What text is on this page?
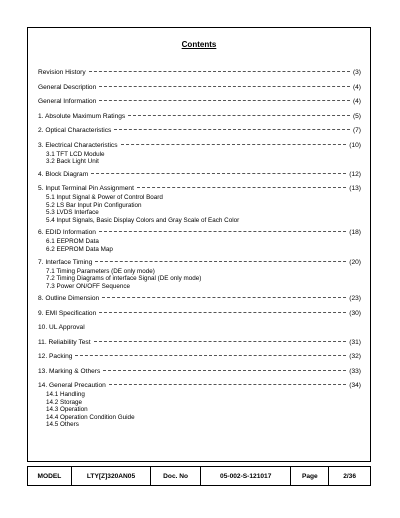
Contents
Revision History	(3)
General Description	(4)
General Information	(4)
1. Absolute Maximum Ratings	(5)
2. Optical Characteristics	(7)
3. Electrical Characteristics	(10)
3.1 TFT LCD Module
3.2 Back Light Unit
4. Block Diagram	(12)
5. Input Terminal Pin Assignment	(13)
5.1 Input Signal & Power of Control Board
5.2 LS Bar Input Pin Configuration
5.3 LVDS Interface
5.4 Input Signals, Basic Display Colors and Gray Scale of Each Color
6. EDID Information	(18)
6.1 EEPROM Data
6.2 EEPROM Data Map
7. Interface Timing	(20)
7.1 Timing Parameters (DE only mode)
7.2 Timing Diagrams of interface Signal (DE only mode)
7.3 Power ON/OFF Sequence
8. Outline Dimension	(23)
9. EMI Specification	(30)
10. UL Approval
11. Reliability Test	(31)
12. Packing	(32)
13. Marking & Others	(33)
14. General Precaution	(34)
14.1 Handling
14.2 Storage
14.3 Operation
14.4 Operation Condition Guide
14.5 Others
MODEL	LTY[Z]320AN05	Doc. No	05-002-S-121017	Page	2/36
